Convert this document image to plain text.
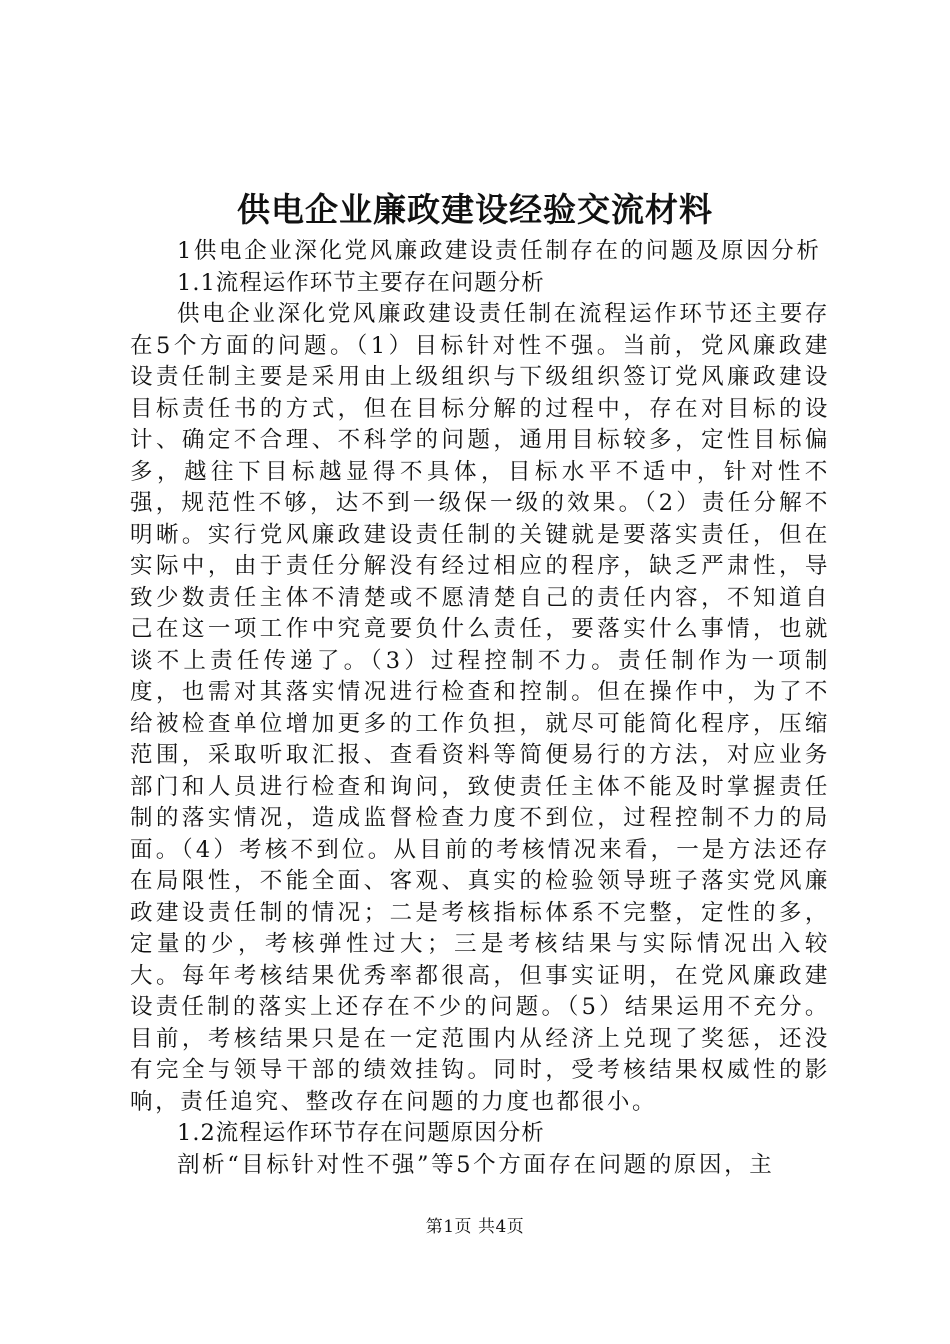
供电企业廉政建设经验交流材料

1供电企业深化党风廉政建设责任制存在的问题及原因分析

1.1流程运作环节主要存在问题分析

供电企业深化党风廉政建设责任制在流程运作环节还主要存在5个方面的问题。（1）目标针对性不强。当前，党风廉政建设责任制主要是采用由上级组织与下级组织签订党风廉政建设目标责任书的方式，但在目标分解的过程中，存在对目标的设计、确定不合理、不科学的问题，通用目标较多，定性目标偏多，越往下目标越显得不具体，目标水平不适中，针对性不强，规范性不够，达不到一级保一级的效果。（2）责任分解不明晰。实行党风廉政建设责任制的关键就是要落实责任，但在实际中，由于责任分解没有经过相应的程序，缺乏严肃性，导致少数责任主体不清楚或不愿清楚自己的责任内容，不知道自己在这一项工作中究竟要负什么责任，要落实什么事情，也就谈不上责任传递了。（3）过程控制不力。责任制作为一项制度，也需对其落实情况进行检查和控制。但在操作中，为了不给被检查单位增加更多的工作负担，就尽可能简化程序，压缩范围，采取听取汇报、查看资料等简便易行的方法，对应业务部门和人员进行检查和询问，致使责任主体不能及时掌握责任制的落实情况，造成监督检查力度不到位，过程控制不力的局面。（4）考核不到位。从目前的考核情况来看，一是方法还存在局限性，不能全面、客观、真实的检验领导班子落实党风廉政建设责任制的情况；二是考核指标体系不完整，定性的多，定量的少，考核弹性过大；三是考核结果与实际情况出入较大。每年考核结果优秀率都很高，但事实证明，在党风廉政建设责任制的落实上还存在不少的问题。（5）结果运用不充分。目前，考核结果只是在一定范围内从经济上兑现了奖惩，还没有完全与领导干部的绩效挂钩。同时，受考核结果权威性的影响，责任追究、整改存在问题的力度也都很小。

1.2流程运作环节存在问题原因分析

剖析“目标针对性不强”等5个方面存在问题的原因，主

第1页 共4页
